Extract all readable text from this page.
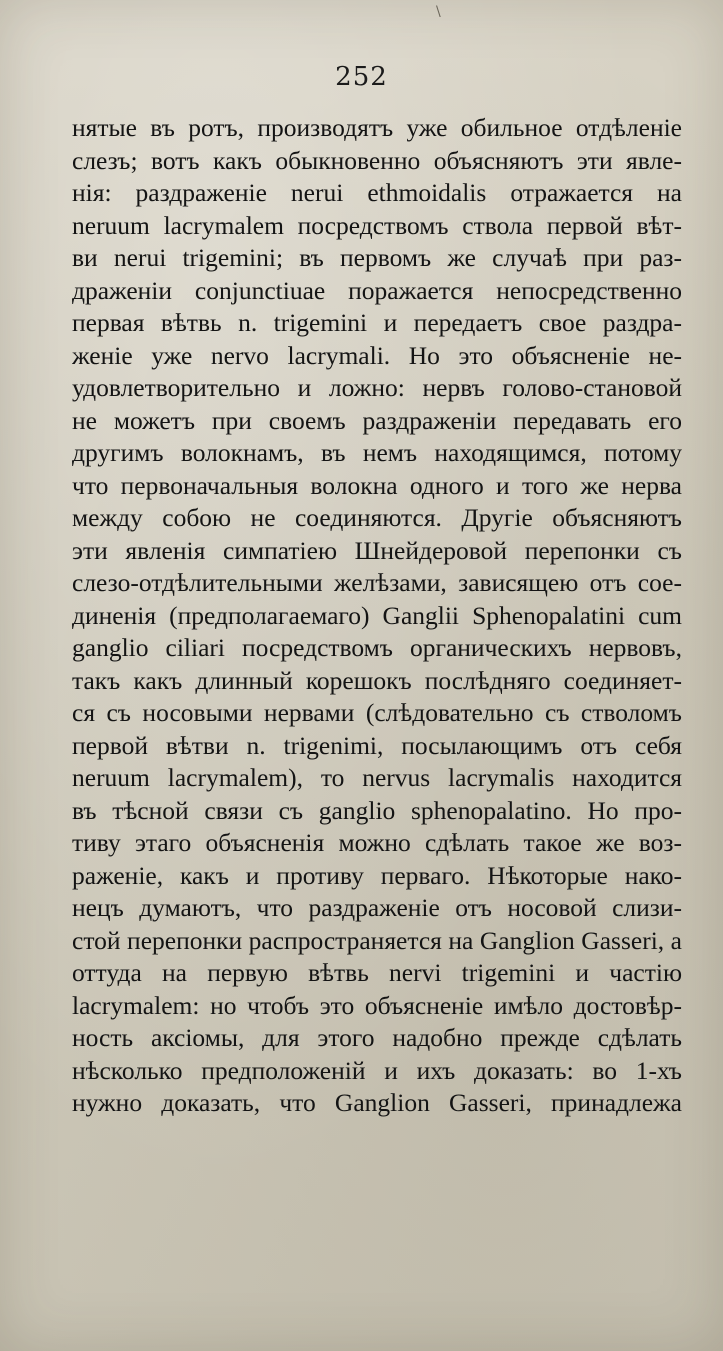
252
\
нятые въ ротъ, производятъ уже обильное отдѣленіе
слезъ; вотъ какъ обыкновенно объясняютъ эти явле-
нія: раздраженіе nerui ethmoidalis отражается на
neruum lacrymalem посредствомъ ствола первой вѣт-
ви nerui trigemini; въ первомъ же случаѣ при раз-
драженіи conjunctiuae поражается непосредственно
первая вѣтвь n. trigemini и передаетъ свое раздра-
женіе уже nervo lacrymali. Но это объясненіе не-
удовлетворительно и ложно: нервъ голово-становой
не можетъ при своемъ раздраженіи передавать его
другимъ волокнамъ, въ немъ находящимся, потому
что первоначальныя волокна одного и того же нерва
между собою не соединяются. Другіе объясняютъ
эти явленія симпатіею Шнейдеровой перепонки съ
слезо-отдѣлительными желѣзами, зависящею отъ сое-
диненія (предполагаемаго) Ganglii Sphenopalatini cum
ganglio ciliari посредствомъ органическихъ нервовъ,
такъ какъ длинный корешокъ послѣдняго соединяет-
ся съ носовыми нервами (слѣдовательно съ стволомъ
первой вѣтви n. trigenimi, посылающимъ отъ себя
neruum lacrymalem), то nervus lacrymalis находится
въ тѣсной связи съ ganglio sphenopalatino. Но про-
тиву этаго объясненія можно сдѣлать такое же воз-
раженіе, какъ и противу перваго. Нѣкоторые нако-
нецъ думаютъ, что раздраженіе отъ носовой слизи-
стой перепонки распространяется на Ganglion Gasseri, а
оттуда на первую вѣтвь nervi trigemini и частію
lacrymalem: но чтобъ это объясненіе имѣло достовѣр-
ность аксіомы, для этого надобно прежде сдѣлать
нѣсколько предположеній и ихъ доказать: во 1-хъ
нужно доказать, что Ganglion Gasseri, принадлежа
